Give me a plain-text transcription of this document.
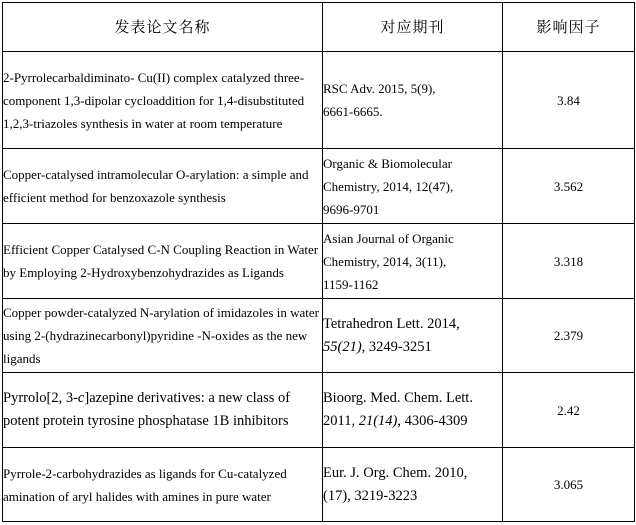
发表论文名称	对应期刊	影响因子
2-Pyrrolecarbaldiminato- Cu(II) complex catalyzed three-component 1,3-dipolar cycloaddition for 1,4-disubstituted 1,2,3-triazoles synthesis in water at room temperature	RSC Adv. 2015, 5(9),
6661-6665.	3.84
Copper-catalysed intramolecular O-arylation: a simple and efficient method for benzoxazole synthesis	Organic & Biomolecular
Chemistry, 2014, 12(47),
9696-9701	3.562
Efficient Copper Catalysed C-N Coupling Reaction in Water by Employing 2-Hydroxybenzohydrazides as Ligands	Asian Journal of Organic
Chemistry, 2014, 3(11),
1159-1162	3.318
Copper powder-catalyzed N-arylation of imidazoles in water using 2-(hydrazinecarbonyl)pyridine -N-oxides as the new ligands	Tetrahedron Lett. 2014,
55(21), 3249-3251	2.379
Pyrrolo[2, 3-c]azepine derivatives: a new class of potent protein tyrosine phosphatase 1B inhibitors	Bioorg. Med. Chem. Lett.
2011, 21(14), 4306-4309	2.42
Pyrrole-2-carbohydrazides as ligands for Cu-catalyzed amination of aryl halides with amines in pure water	Eur. J. Org. Chem. 2010,
(17), 3219-3223	3.065
